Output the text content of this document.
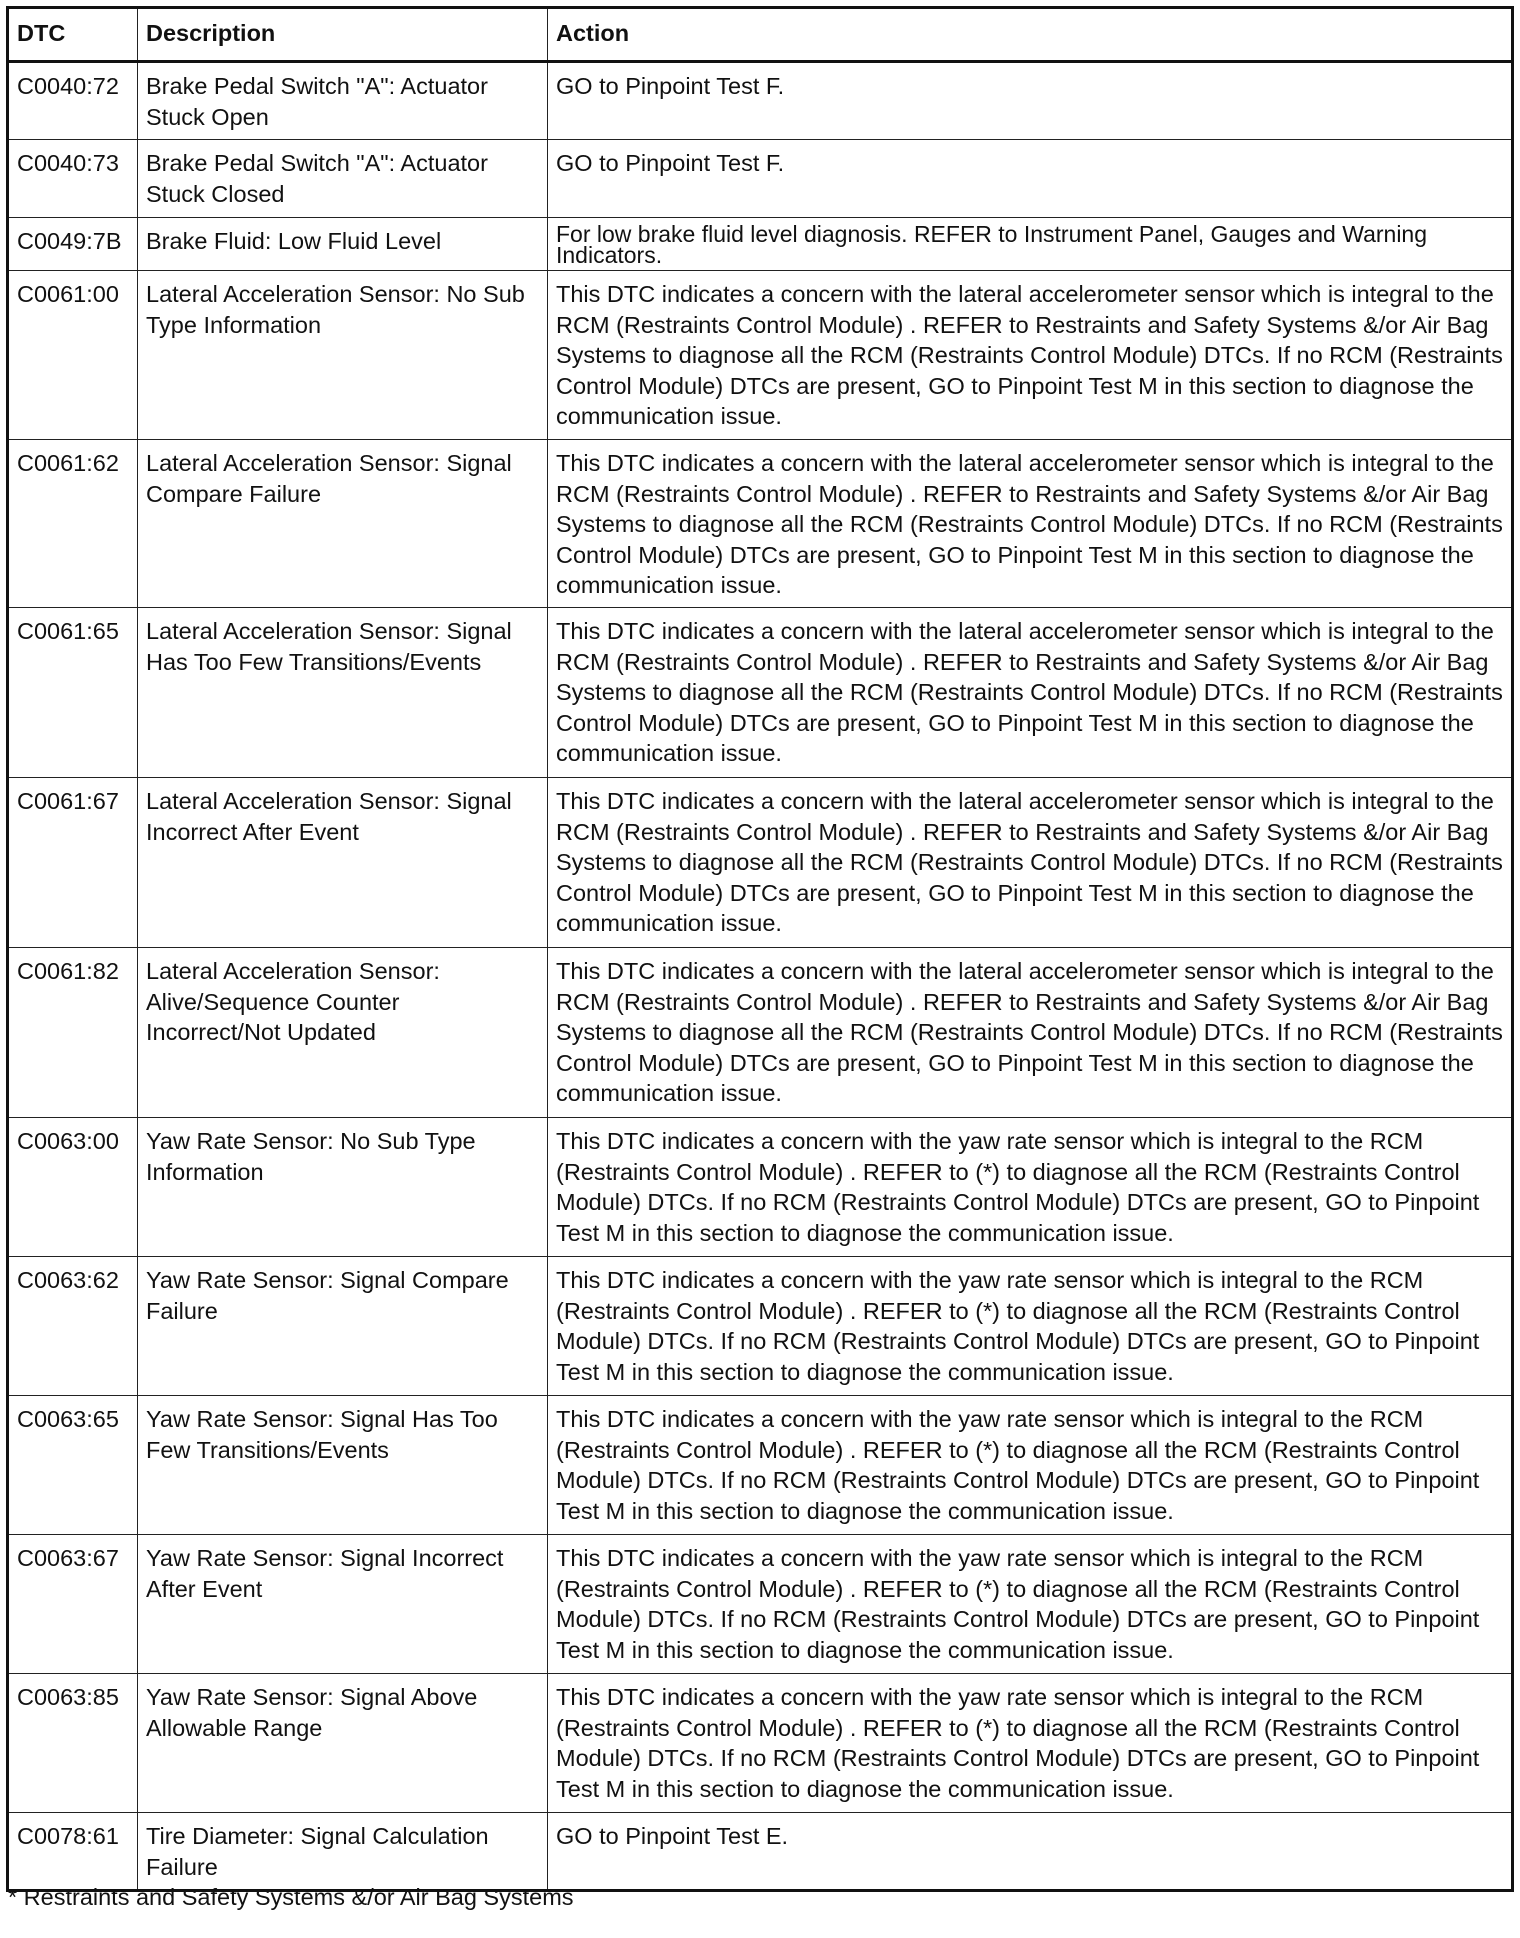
DTC	Description	Action
C0040:72	Brake Pedal Switch "A": Actuator Stuck Open	GO to Pinpoint Test F.
C0040:73	Brake Pedal Switch "A": Actuator Stuck Closed	GO to Pinpoint Test F.
C0049:7B	Brake Fluid: Low Fluid Level	For low brake fluid level diagnosis. REFER to Instrument Panel, Gauges and Warning Indicators.
C0061:00	Lateral Acceleration Sensor: No Sub Type Information	This DTC indicates a concern with the lateral accelerometer sensor which is integral to the RCM (Restraints Control Module) . REFER to Restraints and Safety Systems &/or Air Bag Systems to diagnose all the RCM (Restraints Control Module) DTCs. If no RCM (Restraints Control Module) DTCs are present, GO to Pinpoint Test M in this section to diagnose the communication issue.
C0061:62	Lateral Acceleration Sensor: Signal Compare Failure	This DTC indicates a concern with the lateral accelerometer sensor which is integral to the RCM (Restraints Control Module) . REFER to Restraints and Safety Systems &/or Air Bag Systems to diagnose all the RCM (Restraints Control Module) DTCs. If no RCM (Restraints Control Module) DTCs are present, GO to Pinpoint Test M in this section to diagnose the communication issue.
C0061:65	Lateral Acceleration Sensor: Signal Has Too Few Transitions/Events	This DTC indicates a concern with the lateral accelerometer sensor which is integral to the RCM (Restraints Control Module) . REFER to Restraints and Safety Systems &/or Air Bag Systems to diagnose all the RCM (Restraints Control Module) DTCs. If no RCM (Restraints Control Module) DTCs are present, GO to Pinpoint Test M in this section to diagnose the communication issue.
C0061:67	Lateral Acceleration Sensor: Signal Incorrect After Event	This DTC indicates a concern with the lateral accelerometer sensor which is integral to the RCM (Restraints Control Module) . REFER to Restraints and Safety Systems &/or Air Bag Systems to diagnose all the RCM (Restraints Control Module) DTCs. If no RCM (Restraints Control Module) DTCs are present, GO to Pinpoint Test M in this section to diagnose the communication issue.
C0061:82	Lateral Acceleration Sensor: Alive/Sequence Counter Incorrect/Not Updated	This DTC indicates a concern with the lateral accelerometer sensor which is integral to the RCM (Restraints Control Module) . REFER to Restraints and Safety Systems &/or Air Bag Systems to diagnose all the RCM (Restraints Control Module) DTCs. If no RCM (Restraints Control Module) DTCs are present, GO to Pinpoint Test M in this section to diagnose the communication issue.
C0063:00	Yaw Rate Sensor: No Sub Type Information	This DTC indicates a concern with the yaw rate sensor which is integral to the RCM (Restraints Control Module) . REFER to (*) to diagnose all the RCM (Restraints Control Module) DTCs. If no RCM (Restraints Control Module) DTCs are present, GO to Pinpoint Test M in this section to diagnose the communication issue.
C0063:62	Yaw Rate Sensor: Signal Compare Failure	This DTC indicates a concern with the yaw rate sensor which is integral to the RCM (Restraints Control Module) . REFER to (*) to diagnose all the RCM (Restraints Control Module) DTCs. If no RCM (Restraints Control Module) DTCs are present, GO to Pinpoint Test M in this section to diagnose the communication issue.
C0063:65	Yaw Rate Sensor: Signal Has Too Few Transitions/Events	This DTC indicates a concern with the yaw rate sensor which is integral to the RCM (Restraints Control Module) . REFER to (*) to diagnose all the RCM (Restraints Control Module) DTCs. If no RCM (Restraints Control Module) DTCs are present, GO to Pinpoint Test M in this section to diagnose the communication issue.
C0063:67	Yaw Rate Sensor: Signal Incorrect After Event	This DTC indicates a concern with the yaw rate sensor which is integral to the RCM (Restraints Control Module) . REFER to (*) to diagnose all the RCM (Restraints Control Module) DTCs. If no RCM (Restraints Control Module) DTCs are present, GO to Pinpoint Test M in this section to diagnose the communication issue.
C0063:85	Yaw Rate Sensor: Signal Above Allowable Range	This DTC indicates a concern with the yaw rate sensor which is integral to the RCM (Restraints Control Module) . REFER to (*) to diagnose all the RCM (Restraints Control Module) DTCs. If no RCM (Restraints Control Module) DTCs are present, GO to Pinpoint Test M in this section to diagnose the communication issue.
C0078:61	Tire Diameter: Signal Calculation Failure	GO to Pinpoint Test E.
* Restraints and Safety Systems &/or Air Bag Systems
